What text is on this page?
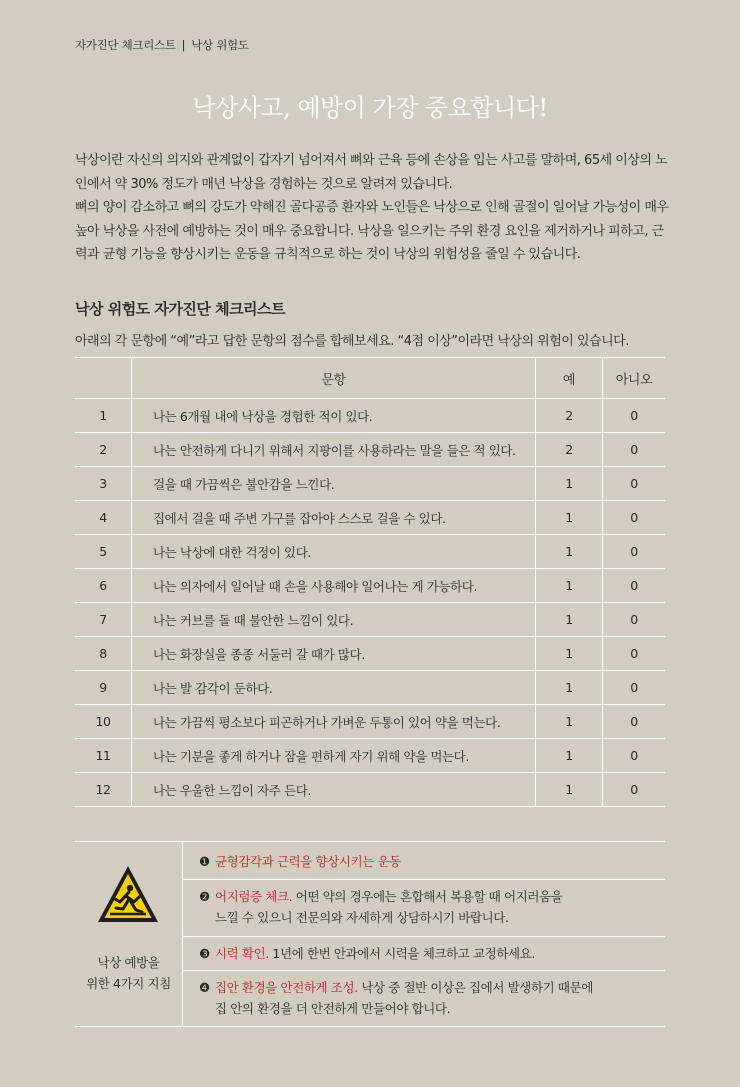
자가진단 체크리스트 | 낙상 위험도
낙상사고, 예방이 가장 중요합니다!

낙상이란 자신의 의지와 관계없이 갑자기 넘어져서 뼈와 근육 등에 손상을 입는 사고를 말하며, 65세 이상의 노인에서 약 30% 정도가 매년 낙상을 경험하는 것으로 알려져 있습니다.

뼈의 양이 감소하고 뼈의 강도가 약해진 골다공증 환자와 노인들은 낙상으로 인해 골절이 일어날 가능성이 매우 높아 낙상을 사전에 예방하는 것이 매우 중요합니다. 낙상을 일으키는 주위 환경 요인을 제거하거나 피하고, 근력과 균형 기능을 향상시키는 운동을 규칙적으로 하는 것이 낙상의 위험성을 줄일 수 있습니다.

낙상 위험도 자가진단 체크리스트
아래의 각 문항에 “예”라고 답한 문항의 점수를 합해보세요. “4점 이상”이라면 낙상의 위험이 있습니다.
	문항	예	아니오
1	나는 6개월 내에 낙상을 경험한 적이 있다.	2	0
2	나는 안전하게 다니기 위해서 지팡이를 사용하라는 말을 들은 적 있다.	2	0
3	걸을 때 가끔씩은 불안감을 느낀다.	1	0
4	집에서 걸을 때 주변 가구를 잡아야 스스로 걸을 수 있다.	1	0
5	나는 낙상에 대한 걱정이 있다.	1	0
6	나는 의자에서 일어날 때 손을 사용해야 일어나는 게 가능하다.	1	0
7	나는 커브를 돌 때 불안한 느낌이 있다.	1	0
8	나는 화장실을 종종 서둘러 갈 때가 많다.	1	0
9	나는 발 감각이 둔하다.	1	0
10	나는 가끔씩 평소보다 피곤하거나 가벼운 두통이 있어 약을 먹는다.	1	0
11	나는 기분을 좋게 하거나 잠을 편하게 자기 위해 약을 먹는다.	1	0
12	나는 우울한 느낌이 자주 든다.	1	0
낙상 예방을
위한 4가지 지침
❶ 균형감각과 근력을 향상시키는 운동
❷ 어지럼증 체크. 어떤 약의 경우에는 혼합해서 복용할 때 어지러움을
느낄 수 있으니 전문의와 자세하게 상담하시기 바랍니다.
❸ 시력 확인. 1년에 한번 안과에서 시력을 체크하고 교정하세요.
❹ 집안 환경을 안전하게 조성. 낙상 중 절반 이상은 집에서 발생하기 때문에
집 안의 환경을 더 안전하게 만들어야 합니다.
